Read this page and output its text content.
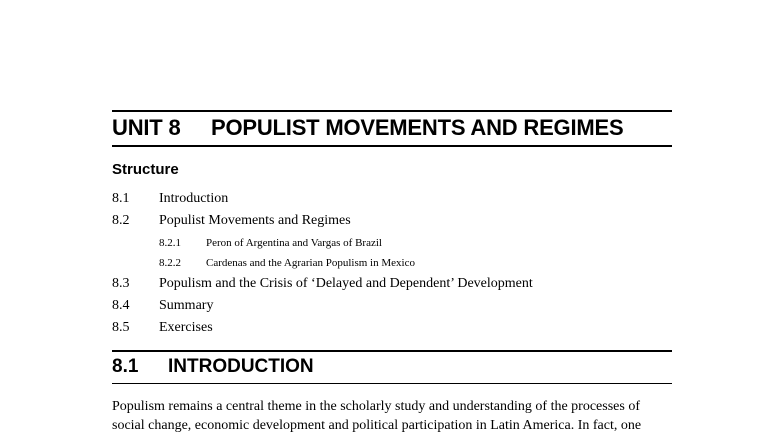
UNIT 8 POPULIST MOVEMENTS AND REGIMES
Structure
8.1 Introduction
8.2 Populist Movements and Regimes
8.2.1 Peron of Argentina and Vargas of Brazil
8.2.2 Cardenas and the Agrarian Populism in Mexico
8.3 Populism and the Crisis of ‘Delayed and Dependent’ Development
8.4 Summary
8.5 Exercises
8.1 INTRODUCTION
Populism remains a central theme in the scholarly study and understanding of the processes of
social change, economic development and political participation in Latin America. In fact, one
